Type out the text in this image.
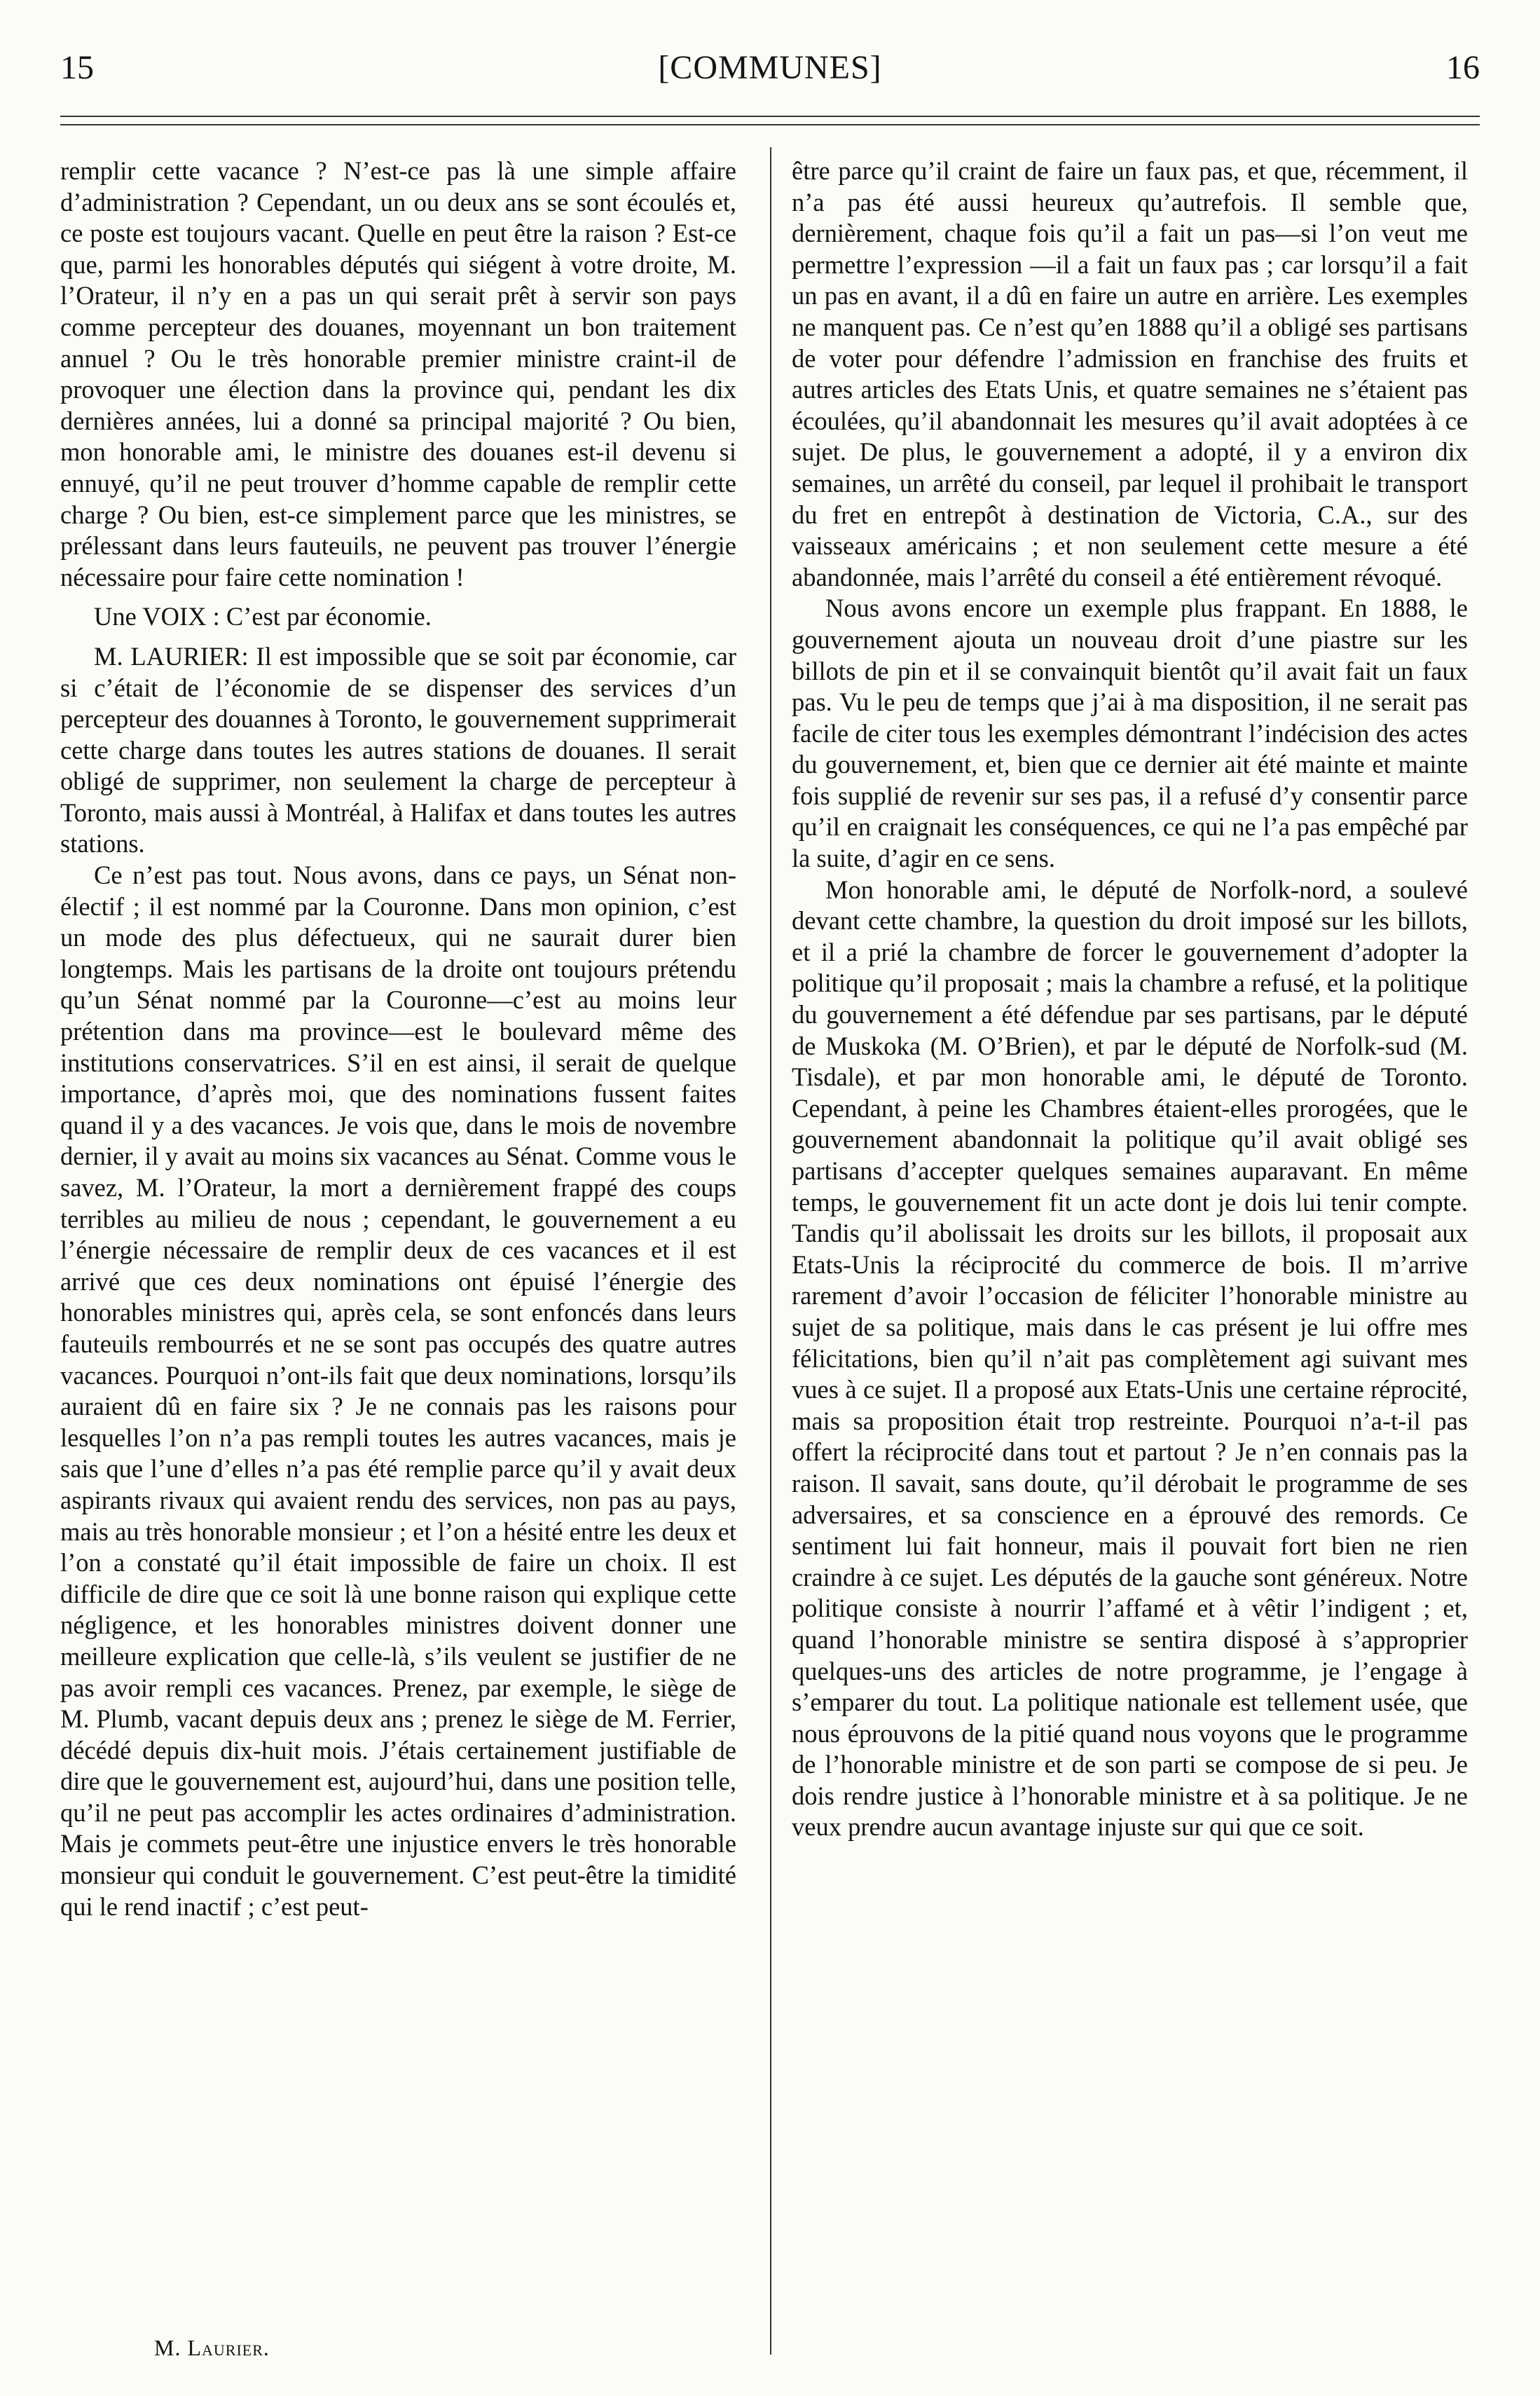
15	[COMMUNES]	16

remplir cette vacance ? N’est-ce pas là une simple affaire d’administration ? Cependant, un ou deux ans se sont écoulés et, ce poste est toujours vacant. Quelle en peut être la raison ? Est-ce que, parmi les honorables députés qui siégent à votre droite, M. l’Orateur, il n’y en a pas un qui serait prêt à servir son pays comme percepteur des douanes, moyennant un bon traitement annuel ? Ou le très honorable premier ministre craint-il de provoquer une élection dans la province qui, pendant les dix dernières années, lui a donné sa principal majorité ? Ou bien, mon honorable ami, le ministre des douanes est-il devenu si ennuyé, qu’il ne peut trouver d’homme capable de remplir cette charge ? Ou bien, est-ce simplement parce que les ministres, se prélessant dans leurs fauteuils, ne peuvent pas trouver l’énergie nécessaire pour faire cette nomination !

Une VOIX : C’est par économie.

M. LAURIER: Il est impossible que se soit par économie, car si c’était de l’économie de se dispenser des services d’un percepteur des douannes à Toronto, le gouvernement supprimerait cette charge dans toutes les autres stations de douanes. Il serait obligé de supprimer, non seulement la charge de percepteur à Toronto, mais aussi à Montréal, à Halifax et dans toutes les autres stations.

Ce n’est pas tout. Nous avons, dans ce pays, un Sénat non-électif ; il est nommé par la Couronne. Dans mon opinion, c’est un mode des plus défectueux, qui ne saurait durer bien longtemps. Mais les partisans de la droite ont toujours prétendu qu’un Sénat nommé par la Couronne—c’est au moins leur prétention dans ma province—est le boulevard même des institutions conservatrices. S’il en est ainsi, il serait de quelque importance, d’après moi, que des nominations fussent faites quand il y a des vacances. Je vois que, dans le mois de novembre dernier, il y avait au moins six vacances au Sénat. Comme vous le savez, M. l’Orateur, la mort a dernièrement frappé des coups terribles au milieu de nous ; cependant, le gouvernement a eu l’énergie nécessaire de remplir deux de ces vacances et il est arrivé que ces deux nominations ont épuisé l’énergie des honorables ministres qui, après cela, se sont enfoncés dans leurs fauteuils rembourrés et ne se sont pas occupés des quatre autres vacances. Pourquoi n’ont-ils fait que deux nominations, lorsqu’ils auraient dû en faire six ? Je ne connais pas les raisons pour lesquelles l’on n’a pas rempli toutes les autres vacances, mais je sais que l’une d’elles n’a pas été remplie parce qu’il y avait deux aspirants rivaux qui avaient rendu des services, non pas au pays, mais au très honorable monsieur ; et l’on a hésité entre les deux et l’on a constaté qu’il était impossible de faire un choix. Il est difficile de dire que ce soit là une bonne raison qui explique cette négligence, et les honorables ministres doivent donner une meilleure explication que celle-là, s’ils veulent se justifier de ne pas avoir rempli ces vacances. Prenez, par exemple, le siège de M. Plumb, vacant depuis deux ans ; prenez le siège de M. Ferrier, décédé depuis dix-huit mois. J’étais certainement justifiable de dire que le gouvernement est, aujourd’hui, dans une position telle, qu’il ne peut pas accomplir les actes ordinaires d’administration. Mais je commets peut-être une injustice envers le très honorable monsieur qui conduit le gouvernement. C’est peut-être la timidité qui le rend inactif ; c’est peut-

être parce qu’il craint de faire un faux pas, et que, récemment, il n’a pas été aussi heureux qu’autrefois. Il semble que, dernièrement, chaque fois qu’il a fait un pas—si l’on veut me permettre l’expression —il a fait un faux pas ; car lorsqu’il a fait un pas en avant, il a dû en faire un autre en arrière. Les exemples ne manquent pas. Ce n’est qu’en 1888 qu’il a obligé ses partisans de voter pour défendre l’admission en franchise des fruits et autres articles des Etats Unis, et quatre semaines ne s’étaient pas écoulées, qu’il abandonnait les mesures qu’il avait adoptées à ce sujet. De plus, le gouvernement a adopté, il y a environ dix semaines, un arrêté du conseil, par lequel il prohibait le transport du fret en entrepôt à destination de Victoria, C.A., sur des vaisseaux américains ; et non seulement cette mesure a été abandonnée, mais l’arrêté du conseil a été entièrement révoqué.

Nous avons encore un exemple plus frappant. En 1888, le gouvernement ajouta un nouveau droit d’une piastre sur les billots de pin et il se convainquit bientôt qu’il avait fait un faux pas. Vu le peu de temps que j’ai à ma disposition, il ne serait pas facile de citer tous les exemples démontrant l’indécision des actes du gouvernement, et, bien que ce dernier ait été mainte et mainte fois supplié de revenir sur ses pas, il a refusé d’y consentir parce qu’il en craignait les conséquences, ce qui ne l’a pas empêché par la suite, d’agir en ce sens.

Mon honorable ami, le député de Norfolk-nord, a soulevé devant cette chambre, la question du droit imposé sur les billots, et il a prié la chambre de forcer le gouvernement d’adopter la politique qu’il proposait ; mais la chambre a refusé, et la politique du gouvernement a été défendue par ses partisans, par le député de Muskoka (M. O’Brien), et par le député de Norfolk-sud (M. Tisdale), et par mon honorable ami, le député de Toronto. Cependant, à peine les Chambres étaient-elles prorogées, que le gouvernement abandonnait la politique qu’il avait obligé ses partisans d’accepter quelques semaines auparavant. En même temps, le gouvernement fit un acte dont je dois lui tenir compte. Tandis qu’il abolissait les droits sur les billots, il proposait aux Etats-Unis la réciprocité du commerce de bois. Il m’arrive rarement d’avoir l’occasion de féliciter l’honorable ministre au sujet de sa politique, mais dans le cas présent je lui offre mes félicitations, bien qu’il n’ait pas complètement agi suivant mes vues à ce sujet. Il a proposé aux Etats-Unis une certaine réprocité, mais sa proposition était trop restreinte. Pourquoi n’a-t-il pas offert la réciprocité dans tout et partout ? Je n’en connais pas la raison. Il savait, sans doute, qu’il dérobait le programme de ses adversaires, et sa conscience en a éprouvé des remords. Ce sentiment lui fait honneur, mais il pouvait fort bien ne rien craindre à ce sujet. Les députés de la gauche sont généreux. Notre politique consiste à nourrir l’affamé et à vêtir l’indigent ; et, quand l’honorable ministre se sentira disposé à s’approprier quelques-uns des articles de notre programme, je l’engage à s’emparer du tout. La politique nationale est tellement usée, que nous éprouvons de la pitié quand nous voyons que le programme de l’honorable ministre et de son parti se compose de si peu. Je dois rendre justice à l’honorable ministre et à sa politique. Je ne veux prendre aucun avantage injuste sur qui que ce soit.

M. Laurier.
